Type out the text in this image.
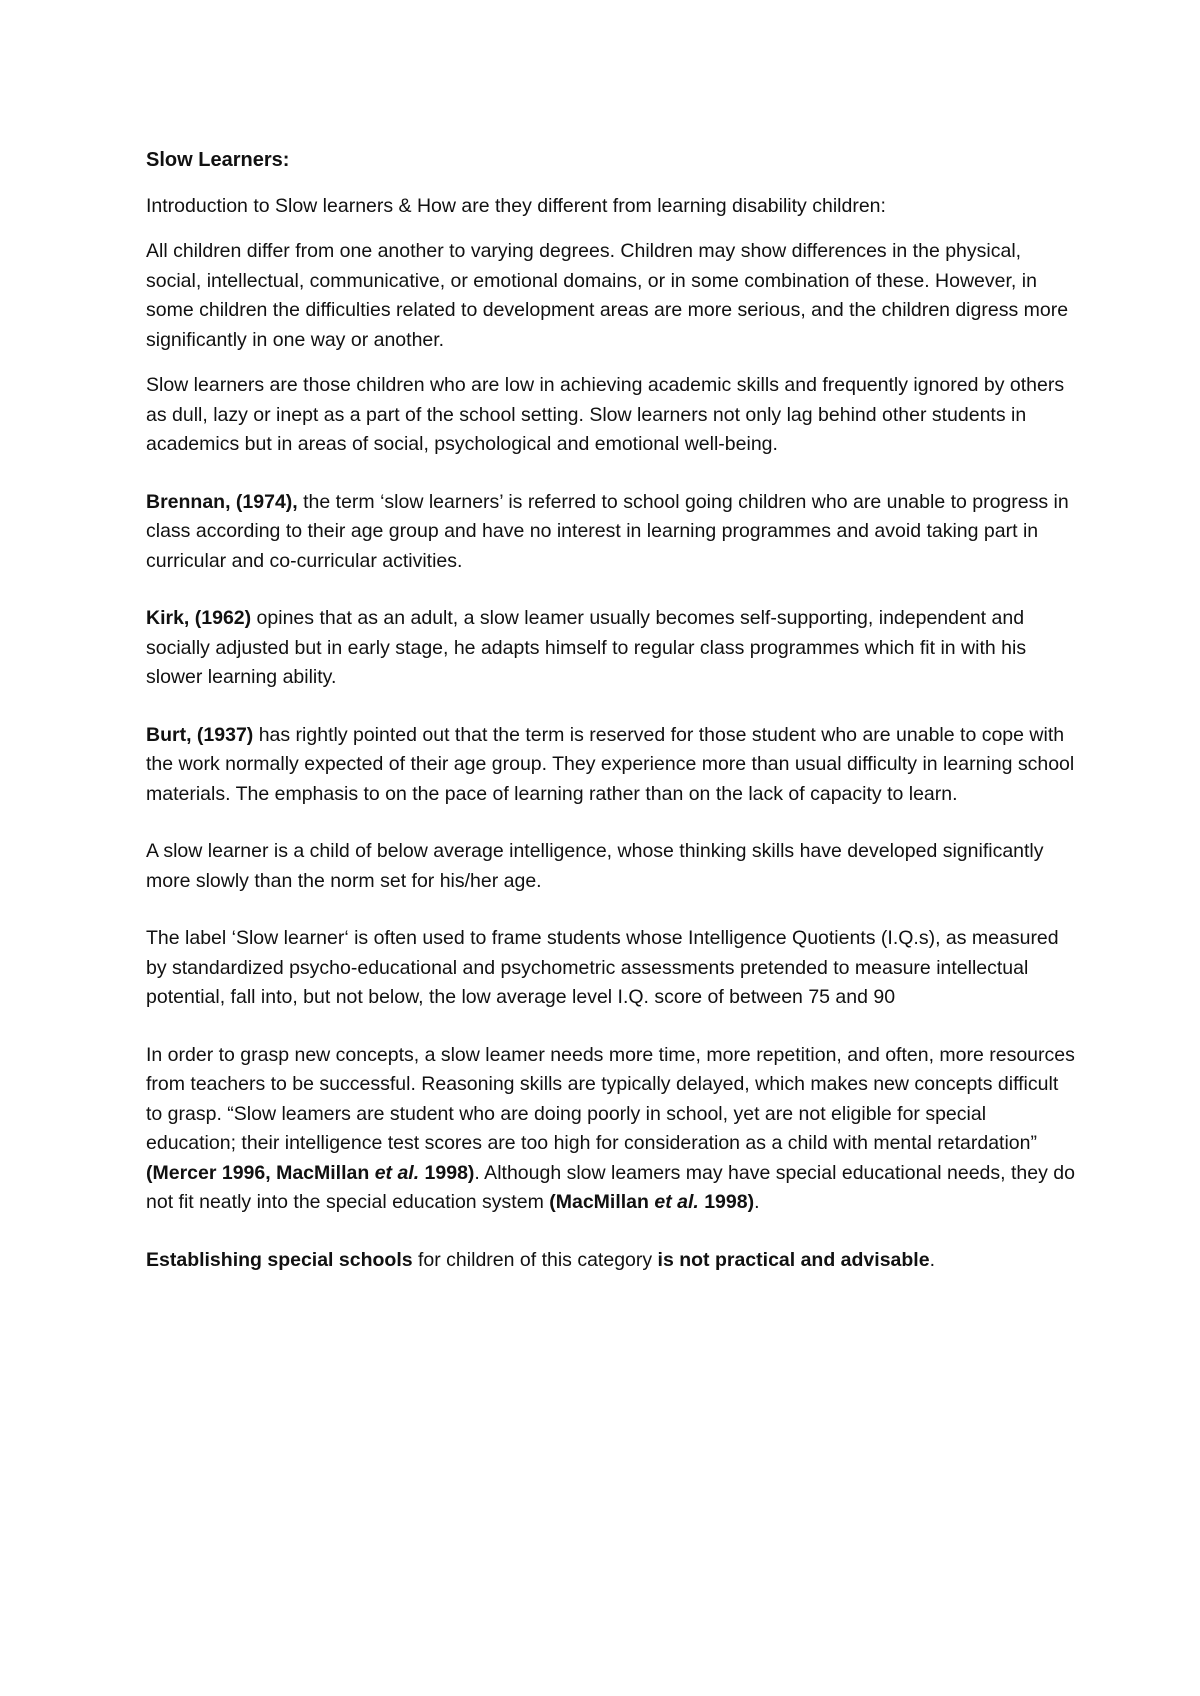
Slow Learners:

Introduction to Slow learners & How are they different from learning disability children:

All children differ from one another to varying degrees. Children may show differences in the physical, social, intellectual, communicative, or emotional domains, or in some combination of these. However, in some children the difficulties related to development areas are more serious, and the children digress more significantly in one way or another.

Slow learners are those children who are low in achieving academic skills and frequently ignored by others as dull, lazy or inept as a part of the school setting. Slow learners not only lag behind other students in academics but in areas of social, psychological and emotional well-being.

Brennan, (1974), the term ‘slow learners’ is referred to school going children who are unable to progress in class according to their age group and have no interest in learning programmes and avoid taking part in curricular and co-curricular activities.

Kirk, (1962) opines that as an adult, a slow leamer usually becomes self-supporting, independent and socially adjusted but in early stage, he adapts himself to regular class programmes which fit in with his slower learning ability.

Burt, (1937) has rightly pointed out that the term is reserved for those student who are unable to cope with the work normally expected of their age group. They experience more than usual difficulty in learning school materials. The emphasis to on the pace of learning rather than on the lack of capacity to learn.

A slow learner is a child of below average intelligence, whose thinking skills have developed significantly more slowly than the norm set for his/her age.

The label ‘Slow learner‘ is often used to frame students whose Intelligence Quotients (I.Q.s), as measured by standardized psycho-educational and psychometric assessments pretended to measure intellectual potential, fall into, but not below, the low average level I.Q. score of between 75 and 90

In order to grasp new concepts, a slow leamer needs more time, more repetition, and often, more resources from teachers to be successful. Reasoning skills are typically delayed, which makes new concepts difficult to grasp. “Slow leamers are student who are doing poorly in school, yet are not eligible for special education; their intelligence test scores are too high for consideration as a child with mental retardation” (Mercer 1996, MacMillan et al. 1998). Although slow leamers may have special educational needs, they do not fit neatly into the special education system (MacMillan et al. 1998).

Establishing special schools for children of this category is not practical and advisable.
